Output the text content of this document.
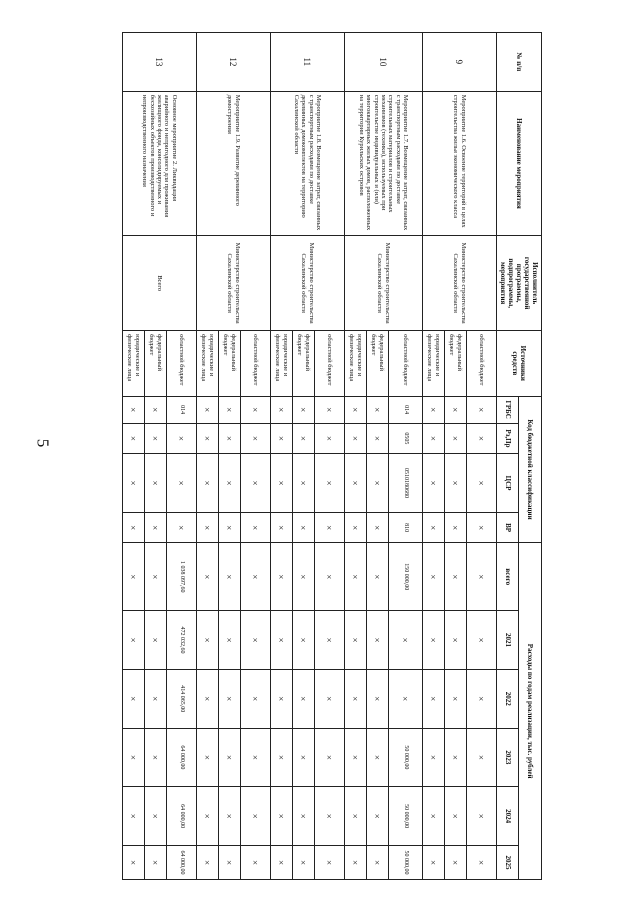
5
№ п/п	Наименование мероприятия	Исполнитель государственной программы, подпрограммы, мероприятия	Источники средств	Код бюджетной классификации				Расходы по годам реализации, тыс. рублей					
				ГРБС	Рз,Пр	ЦСР	ВР	всего	2021	2022	2023	2024	2025
9	Мероприятие 1.6. Освоение территорий в целях строительства жилья экономического класса	Министерство строительства Сахалинской области	областной бюджет	×	×	×	×	×	×	×	×	×	×
			федеральный бюджет	×	×	×	×	×	×	×	×	×	×
			юридические и физические лица	×	×	×	×	×	×	×	×	×	×
10	Мероприятие 1.7. Возмещение затрат, связанных с транспортным расходами по доставке строительных материалов и строительных механизмов (техники), используемых при строительстве индивидуальных и (или) многоквартирных жилых домов, расположенных на территории Курильских островов	Министерство строительства Сахалинской области	областной бюджет	014	0505	0510180680	810	150 000,00	×	×	50 000,00	50 000,00	50 000,00
			федеральный бюджет	×	×	×	×	×	×	×	×	×	×
			юридические и физические лица	×	×	×	×	×	×	×	×	×	×
11	Мероприятие 1.8. Возмещение затрат, связанных с транспортным расходами по доставке деревянных домокомплектов на территорию Сахалинской области	Министерство строительства Сахалинской области	областной бюджет	×	×	×	×	×	×	×	×	×	×
			федеральный бюджет	×	×	×	×	×	×	×	×	×	×
			юридические и физические лица	×	×	×	×	×	×	×	×	×	×
12	Мероприятие 1.9. Развитие деревянного домостроения	Министерство строительства Сахалинской области	областной бюджет	×	×	×	×	×	×	×	×	×	×
			федеральный бюджет	×	×	×	×	×	×	×	×	×	×
			юридические и физические лица	×	×	×	×	×	×	×	×	×	×
13	Основное мероприятие 2. Ликвидация аварийного и непригодного для проживания жилищного фонда, консолидируемых и бесхозяйных объектов производственного и непроизводственного назначения	Всего	областной бюджет	014	×	×	×	1 038 097,60	472 032,60	414 065,00	64 000,00	64 000,00	64 000,00
			федеральный бюджет	×	×	×	×	×	×	×	×	×	×
			юридические и физические лица	×	×	×	×	×	×	×	×	×	×
